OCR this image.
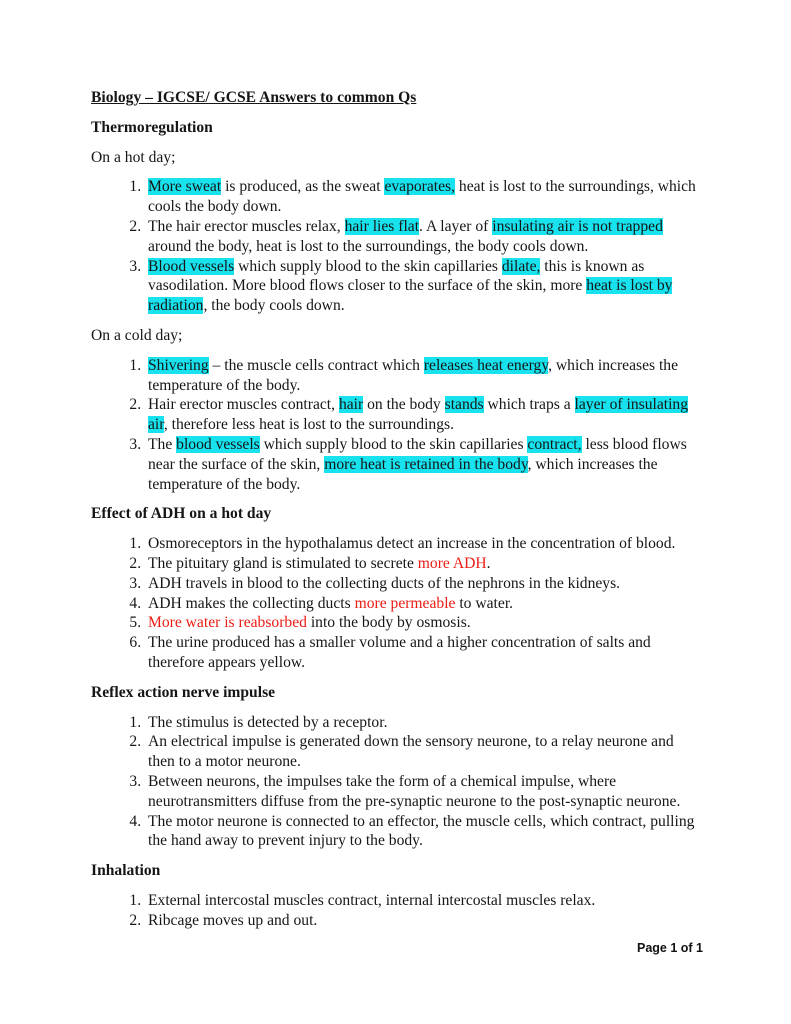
Biology – IGCSE/ GCSE Answers to common Qs

Thermoregulation

On a hot day;

1. More sweat is produced, as the sweat evaporates, heat is lost to the surroundings, which cools the body down.
2. The hair erector muscles relax, hair lies flat. A layer of insulating air is not trapped around the body, heat is lost to the surroundings, the body cools down.
3. Blood vessels which supply blood to the skin capillaries dilate, this is known as vasodilation. More blood flows closer to the surface of the skin, more heat is lost by radiation, the body cools down.

On a cold day;

1. Shivering – the muscle cells contract which releases heat energy, which increases the temperature of the body.
2. Hair erector muscles contract, hair on the body stands which traps a layer of insulating air, therefore less heat is lost to the surroundings.
3. The blood vessels which supply blood to the skin capillaries contract, less blood flows near the surface of the skin, more heat is retained in the body, which increases the temperature of the body.

Effect of ADH on a hot day

1. Osmoreceptors in the hypothalamus detect an increase in the concentration of blood.
2. The pituitary gland is stimulated to secrete more ADH.
3. ADH travels in blood to the collecting ducts of the nephrons in the kidneys.
4. ADH makes the collecting ducts more permeable to water.
5. More water is reabsorbed into the body by osmosis.
6. The urine produced has a smaller volume and a higher concentration of salts and therefore appears yellow.

Reflex action nerve impulse

1. The stimulus is detected by a receptor.
2. An electrical impulse is generated down the sensory neurone, to a relay neurone and then to a motor neurone.
3. Between neurons, the impulses take the form of a chemical impulse, where neurotransmitters diffuse from the pre-synaptic neurone to the post-synaptic neurone.
4. The motor neurone is connected to an effector, the muscle cells, which contract, pulling the hand away to prevent injury to the body.

Inhalation

1. External intercostal muscles contract, internal intercostal muscles relax.
2. Ribcage moves up and out.
Page 1 of 1
